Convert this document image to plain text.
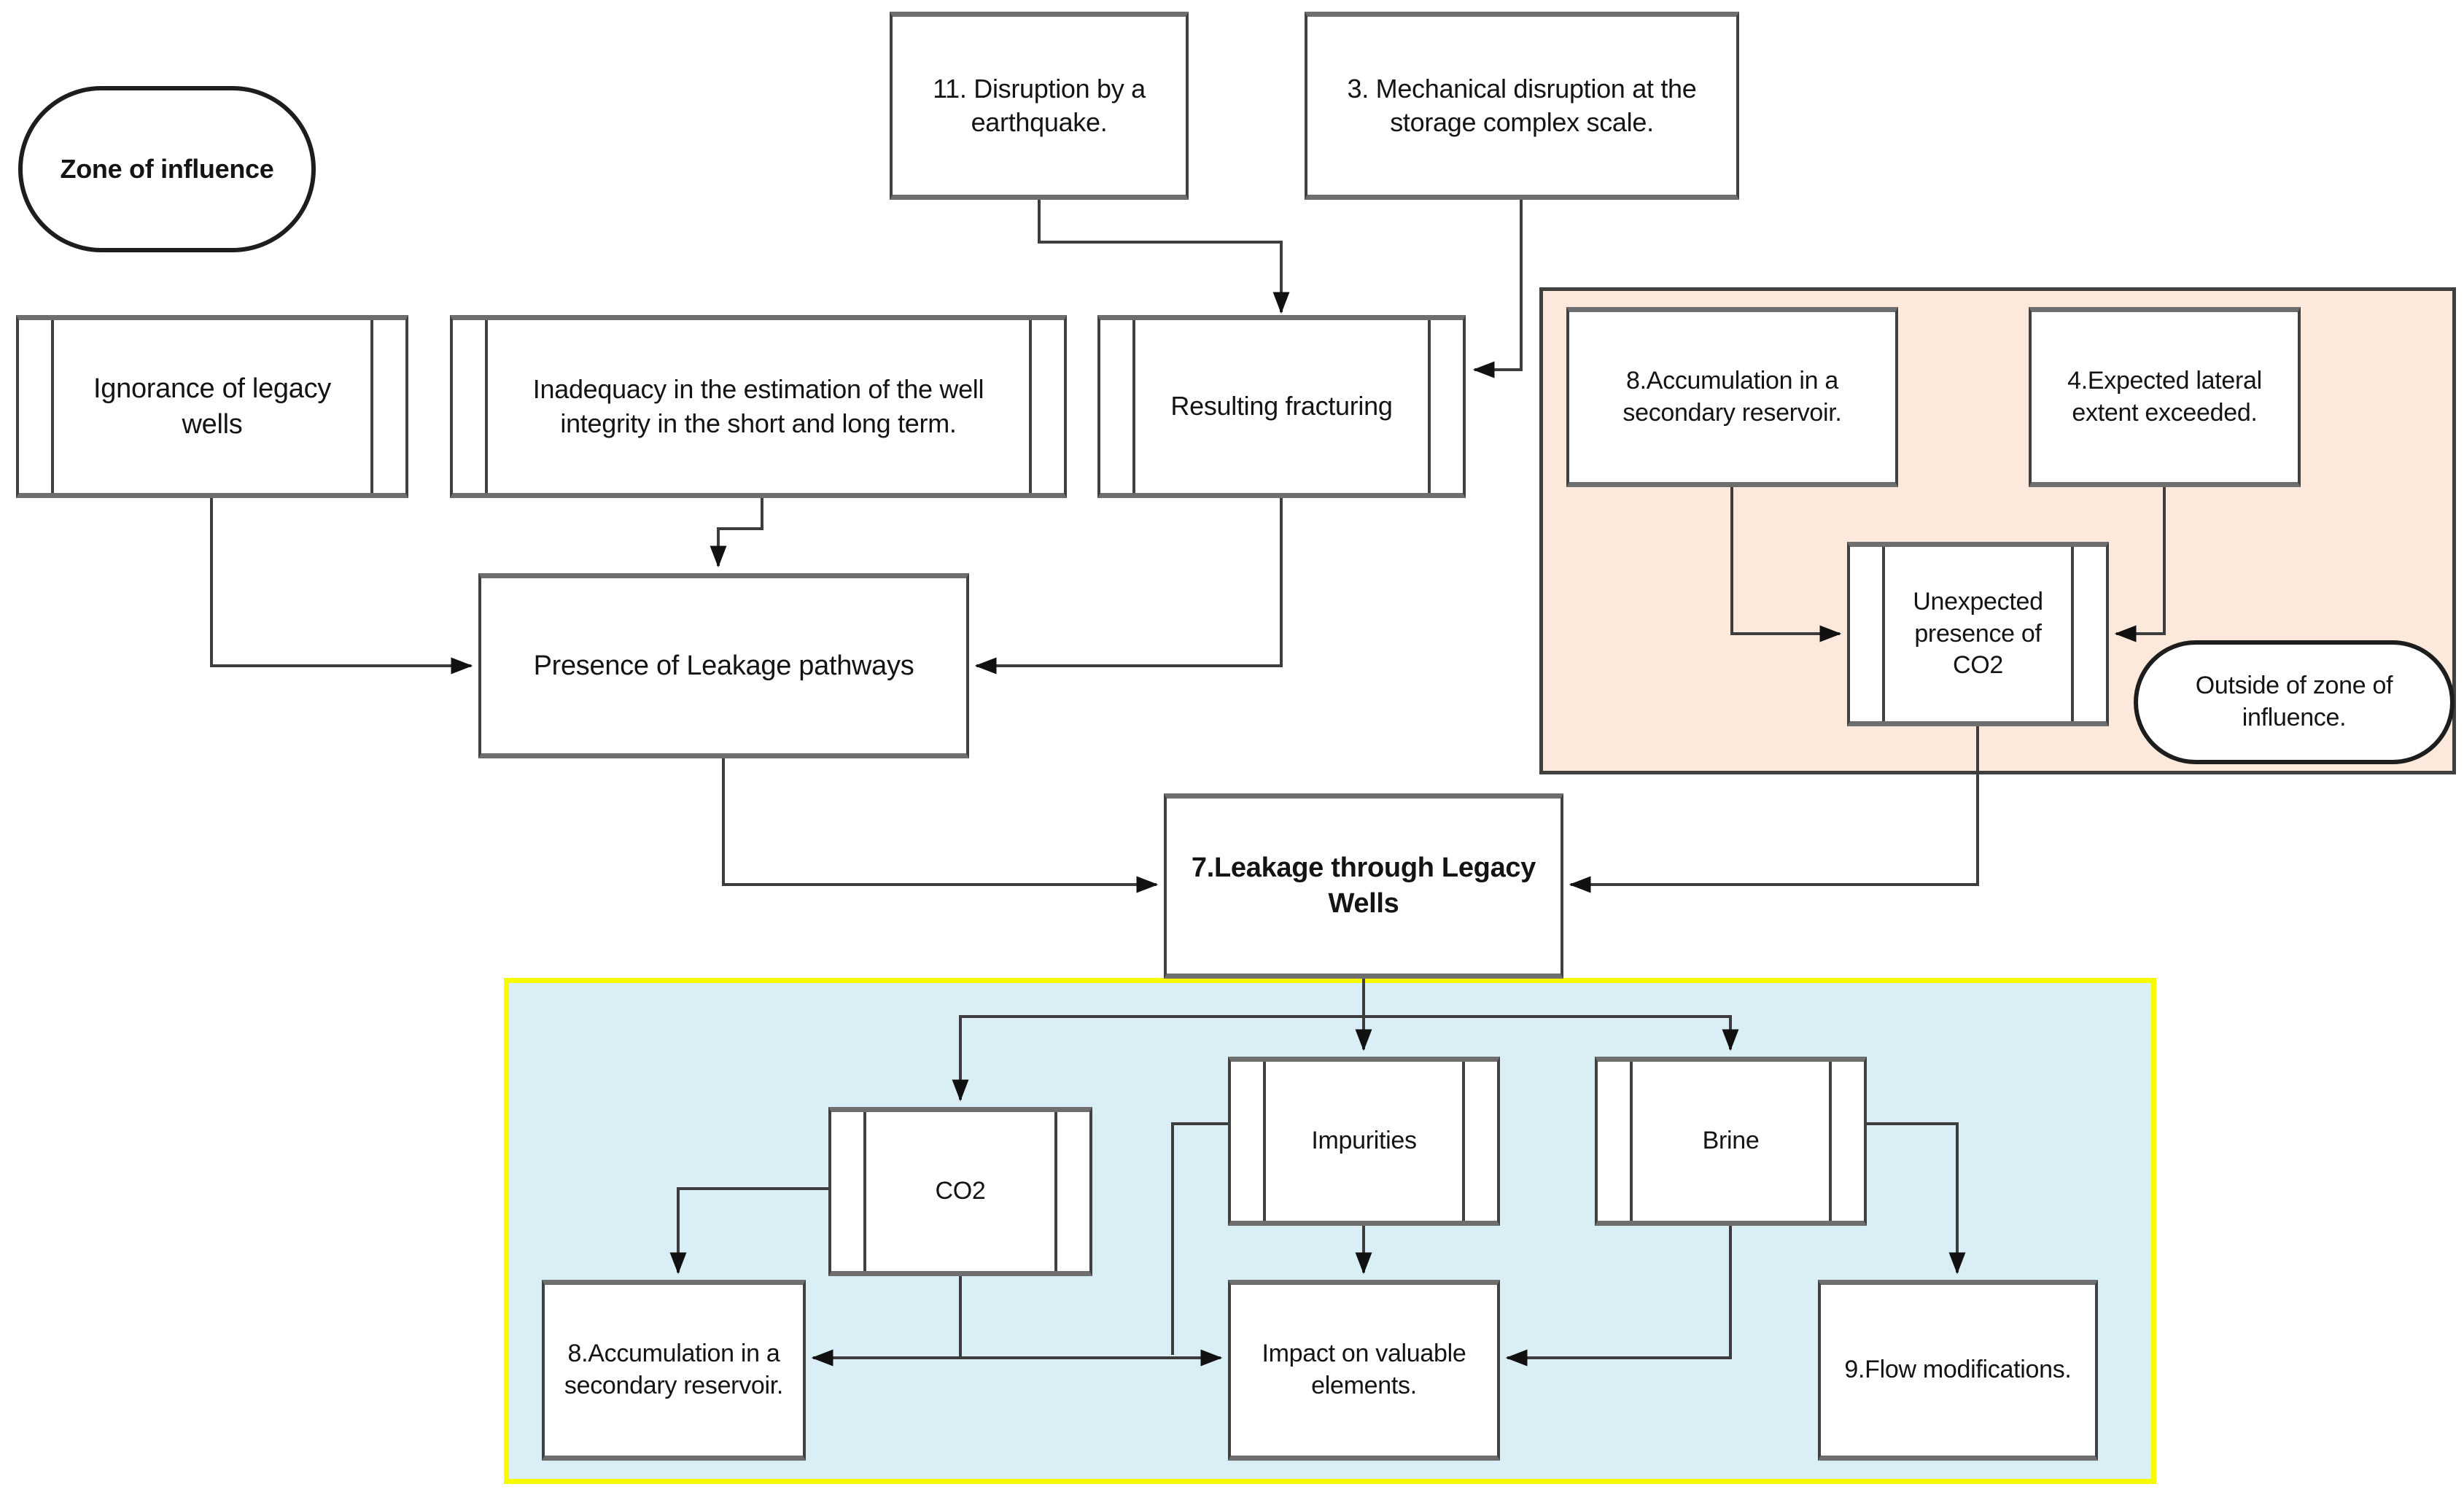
Zone of influence
11. Disruption by a earthquake.
3. Mechanical disruption at the storage complex scale.
Ignorance of legacy wells
Inadequacy in the estimation of the well integrity in the short and long term.
Resulting fracturing
8.Accumulation in a secondary reservoir.
4.Expected lateral extent exceeded.
Unexpected presence of CO2
Outside of zone of influence.
Presence of Leakage pathways
7.Leakage through Legacy Wells
CO2
Impurities	Brine
8.Accumulation in a secondary reservoir.
Impact on valuable elements.
9.Flow modifications.
